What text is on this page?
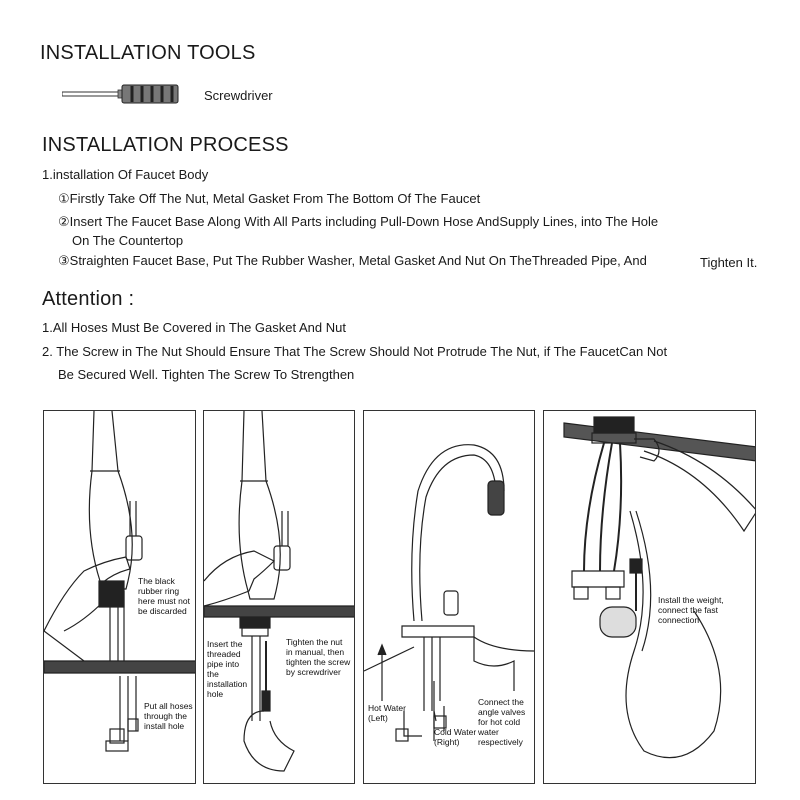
INSTALLATION TOOLS
Screwdriver
INSTALLATION PROCESS
1.installation Of Faucet Body
①Firstly Take Off The Nut, Metal Gasket From The Bottom Of The Faucet
②Insert The Faucet Base Along With All Parts including Pull-Down Hose AndSupply Lines, into The Hole
On The Countertop
③Straighten Faucet Base, Put The Rubber Washer, Metal Gasket And Nut On TheThreaded Pipe, And	Tighten It.
Attention :
1.All Hoses Must Be Covered in The Gasket And Nut
2. The Screw in The Nut Should Ensure That The Screw Should Not Protrude The Nut, if The FaucetCan Not
Be Secured Well. Tighten The Screw To Strengthen
The black
rubber ring
here must not
be discarded
Put all hoses
through the
install hole
Insert the
threaded
pipe into
the
installation
hole
Tighten the nut
in manual, then
tighten the screw
by screwdriver
Hot Water
(Left)
Cold Water
(Right)
Connect the
angle valves
for hot cold
water
respectively
Install the weight,
connect the fast
connection
